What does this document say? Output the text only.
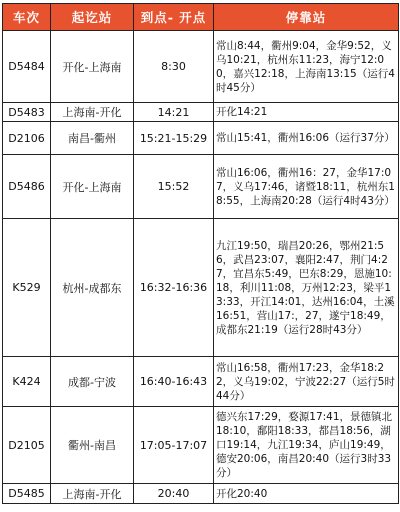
车次	起讫站	到点- 开点	停靠站
D5484	开化-上海南	8:30	常山8:44，衢州9:04，金华9:52，义乌10:21，杭州东11:23，海宁12:00，嘉兴12:18，上海南13:15（运行4时45分）
D5483	上海南-开化	14:21	开化14:21
D2106	南昌-衢州	15:21-15:29	常山15:41，衢州16:06（运行37分）
D5486	开化-上海南	15:52	常山16:06，衢州16：27，金华17:07，义乌17:46，诸暨18:11，杭州东18:55，上海南20:28（运行4时43分）
K529	杭州-成都东	16:32-16:36	九江19:50，瑞昌20:26，鄂州21:56，武昌23:07，襄阳2:47，荆门4:27，宜昌东5:49，巴东8:29，恩施10:18，利川11:08，万州12:23，梁平13:33，开江14:01，达州16:04，土溪16:51，营山17:，27，遂宁18:49，成都东21:19（运行28时43分）
K424	成都-宁波	16:40-16:43	常山16:58，衢州17:23，金华18:22，义乌19:02，宁波22:27（运行5时44分）
D2105	衢州-南昌	17:05-17:07	德兴东17:29，婺源17:41，景德镇北18:10，鄱阳18:33，都昌18:56，湖口19:14，九江19:34，庐山19:49，德安20:06，南昌20:40（运行3时33分）
D5485	上海南-开化	20:40	开化20:40
